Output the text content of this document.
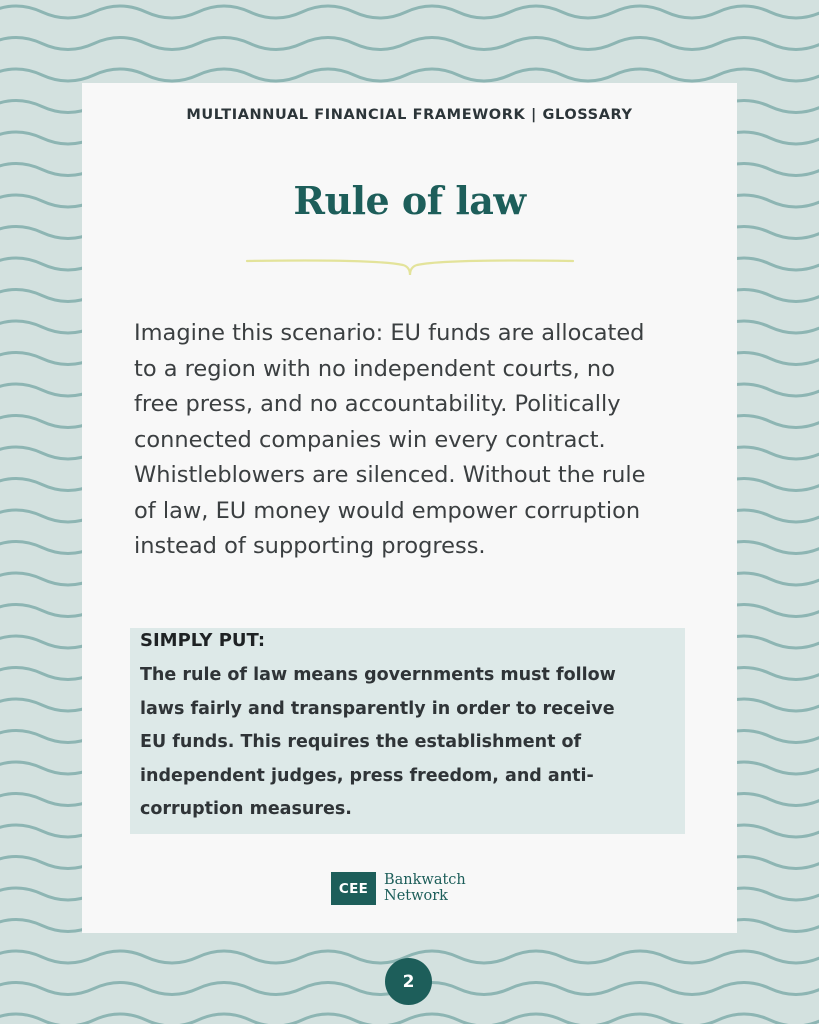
MULTIANNUAL FINANCIAL FRAMEWORK | GLOSSARY
Rule of law
Imagine this scenario: EU funds are allocated
to a region with no independent courts, no
free press, and no accountability. Politically
connected companies win every contract.
Whistleblowers are silenced. Without the rule
of law, EU money would empower corruption
instead of supporting progress.
SIMPLY PUT:
The rule of law means governments must follow
laws fairly and transparently in order to receive
EU funds. This requires the establishment of
independent judges, press freedom, and anti-
corruption measures.
CEE
Bankwatch
Network
2
